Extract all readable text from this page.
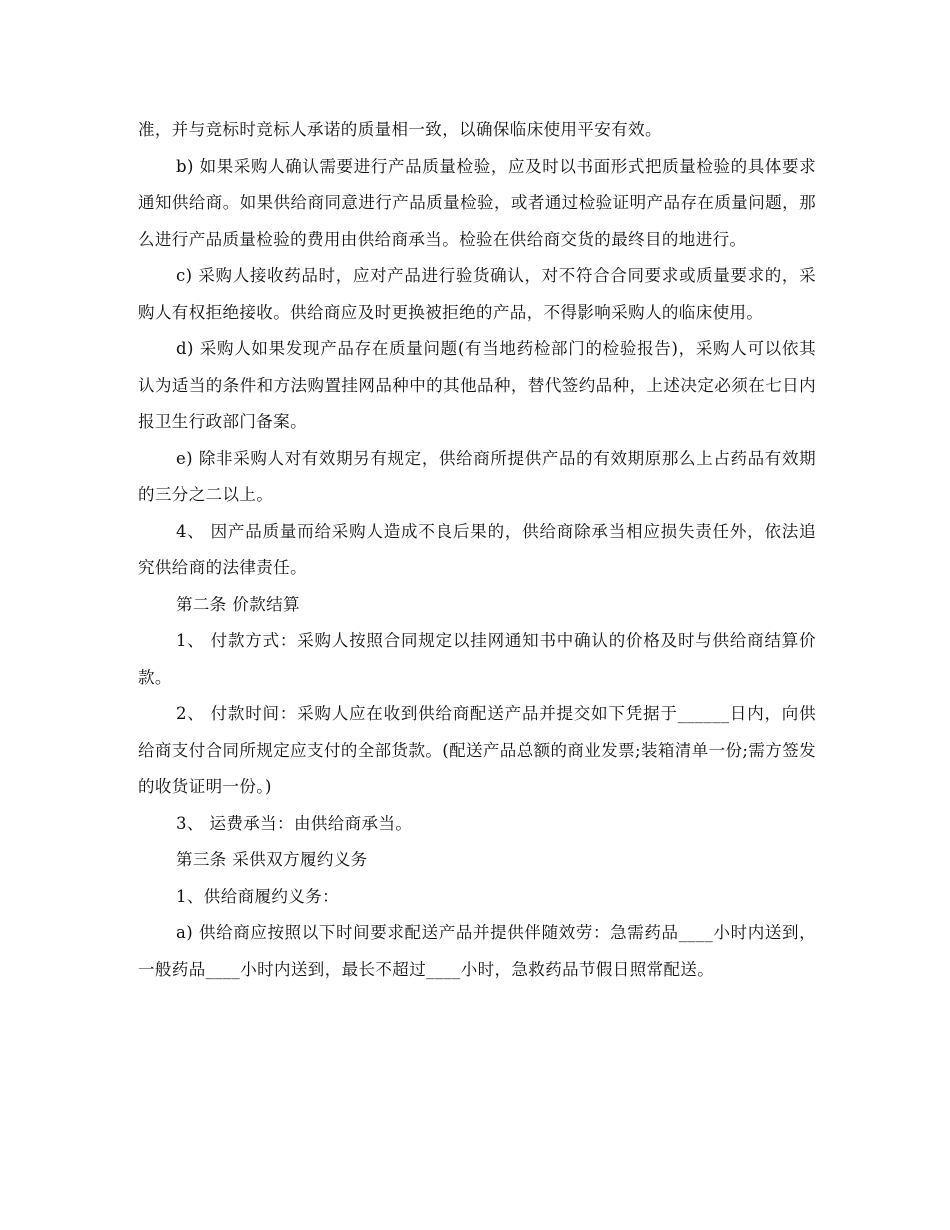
准，并与竞标时竞标人承诺的质量相一致，以确保临床使用平安有效。

b) 如果采购人确认需要进行产品质量检验，应及时以书面形式把质量检验的具体要求通知供给商。如果供给商同意进行产品质量检验，或者通过检验证明产品存在质量问题，那么进行产品质量检验的费用由供给商承当。检验在供给商交货的最终目的地进行。

c) 采购人接收药品时，应对产品进行验货确认，对不符合合同要求或质量要求的，采购人有权拒绝接收。供给商应及时更换被拒绝的产品，不得影响采购人的临床使用。

d) 采购人如果发现产品存在质量问题(有当地药检部门的检验报告)，采购人可以依其认为适当的条件和方法购置挂网品种中的其他品种，替代签约品种，上述决定必须在七日内报卫生行政部门备案。

e) 除非采购人对有效期另有规定，供给商所提供产品的有效期原那么上占药品有效期的三分之二以上。

4、 因产品质量而给采购人造成不良后果的，供给商除承当相应损失责任外，依法追究供给商的法律责任。

第二条 价款结算

1、 付款方式：采购人按照合同规定以挂网通知书中确认的价格及时与供给商结算价款。

2、 付款时间：采购人应在收到供给商配送产品并提交如下凭据于______日内，向供给商支付合同所规定应支付的全部货款。(配送产品总额的商业发票;装箱清单一份;需方签发的收货证明一份。)

3、 运费承当：由供给商承当。

第三条 采供双方履约义务

1、供给商履约义务：

a) 供给商应按照以下时间要求配送产品并提供伴随效劳：急需药品____小时内送到，一般药品____小时内送到，最长不超过____小时，急救药品节假日照常配送。
